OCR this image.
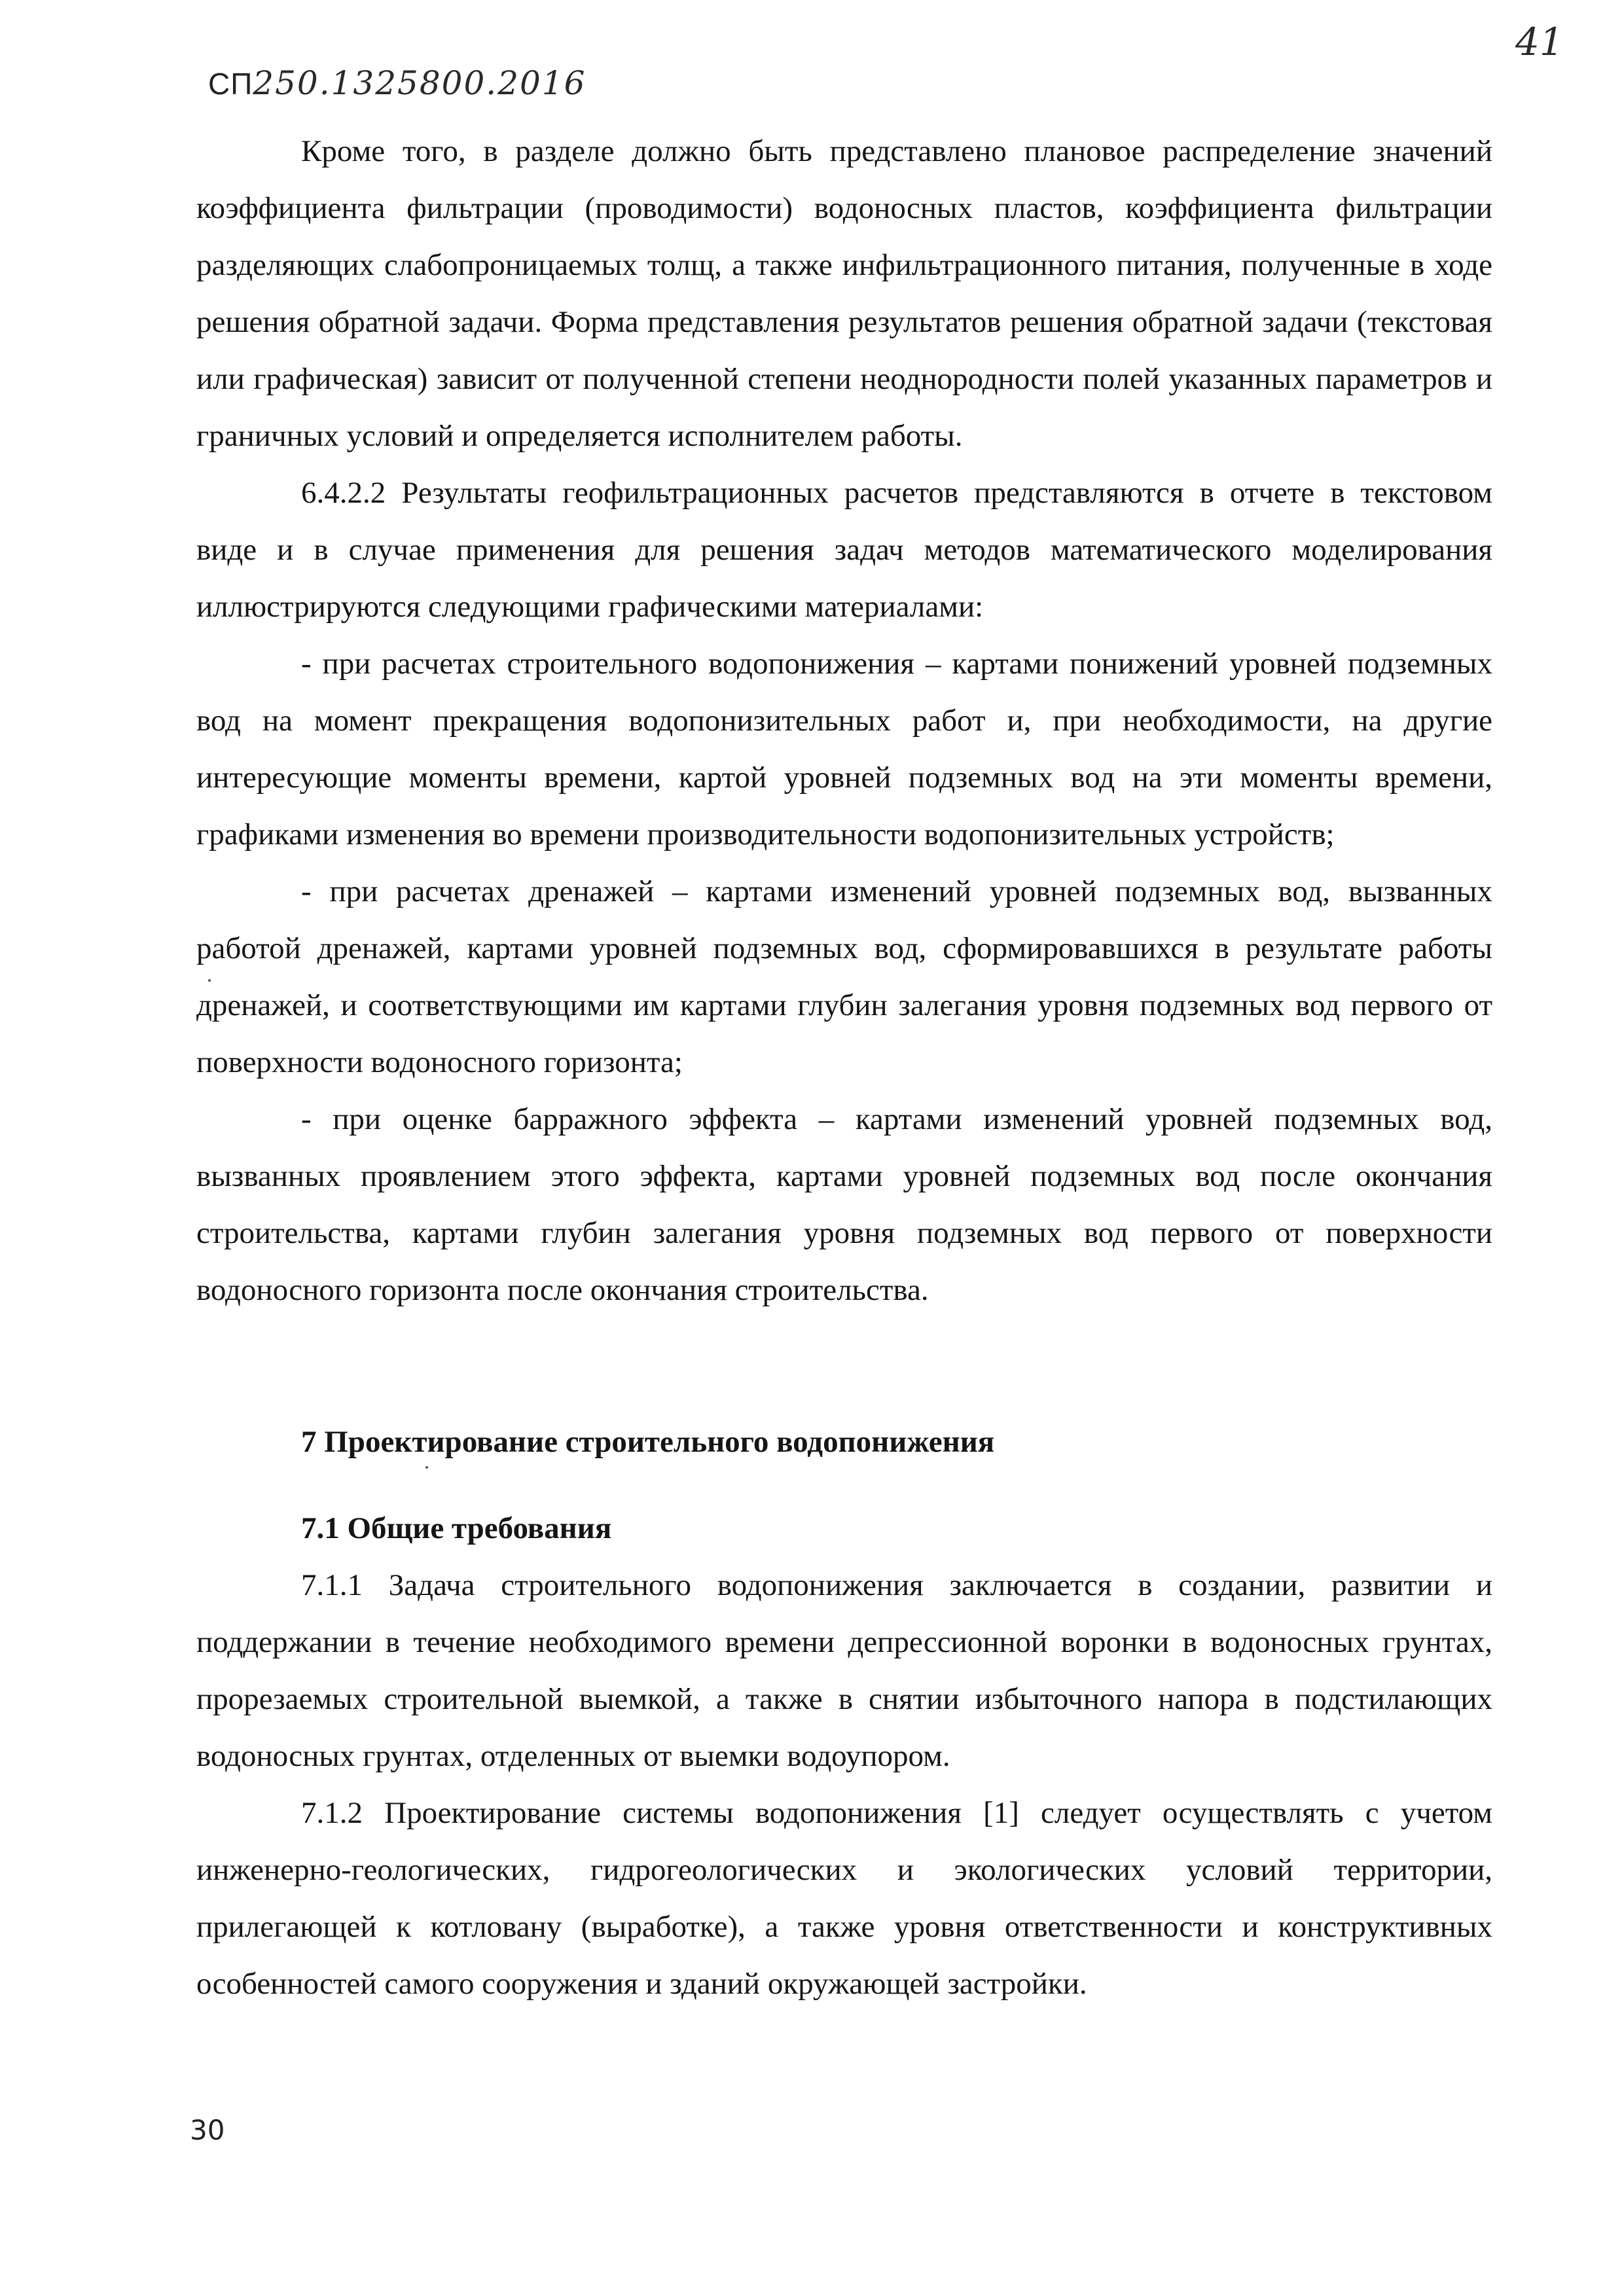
СП250.1325800.2016
41

Кроме того, в разделе должно быть представлено плановое распределение значений коэффициента фильтрации (проводимости) водоносных пластов, коэффициента фильтрации разделяющих слабопроницаемых толщ, а также инфильтрационного питания, полученные в ходе решения обратной задачи. Форма представления результатов решения обратной задачи (текстовая или графическая) зависит от полученной степени неоднородности полей указанных параметров и граничных условий и определяется исполнителем работы.

6.4.2.2 Результаты геофильтрационных расчетов представляются в отчете в текстовом виде и в случае применения для решения задач методов математического моделирования иллюстрируются следующими графическими материалами:

- при расчетах строительного водопонижения – картами понижений уровней подземных вод на момент прекращения водопонизительных работ и, при необходимости, на другие интересующие моменты времени, картой уровней подземных вод на эти моменты времени, графиками изменения во времени производительности водопонизительных устройств;

- при расчетах дренажей – картами изменений уровней подземных вод, вызванных работой дренажей, картами уровней подземных вод, сформировавшихся в результате работы дренажей, и соответствующими им картами глубин залегания уровня подземных вод первого от поверхности водоносного горизонта;

- при оценке барражного эффекта – картами изменений уровней подземных вод, вызванных проявлением этого эффекта, картами уровней подземных вод после окончания строительства, картами глубин залегания уровня подземных вод первого от поверхности водоносного горизонта после окончания строительства.

7 Проектирование строительного водопонижения
7.1 Общие требования

7.1.1 Задача строительного водопонижения заключается в создании, развитии и поддержании в течение необходимого времени депрессионной воронки в водоносных грунтах, прорезаемых строительной выемкой, а также в снятии избыточного напора в подстилающих водоносных грунтах, отделенных от выемки водоупором.

7.1.2 Проектирование системы водопонижения [1] следует осуществлять с учетом инженерно-геологических, гидрогеологических и экологических условий территории, прилегающей к котловану (выработке), а также уровня ответственности и конструктивных особенностей самого сооружения и зданий окружающей застройки.

30
